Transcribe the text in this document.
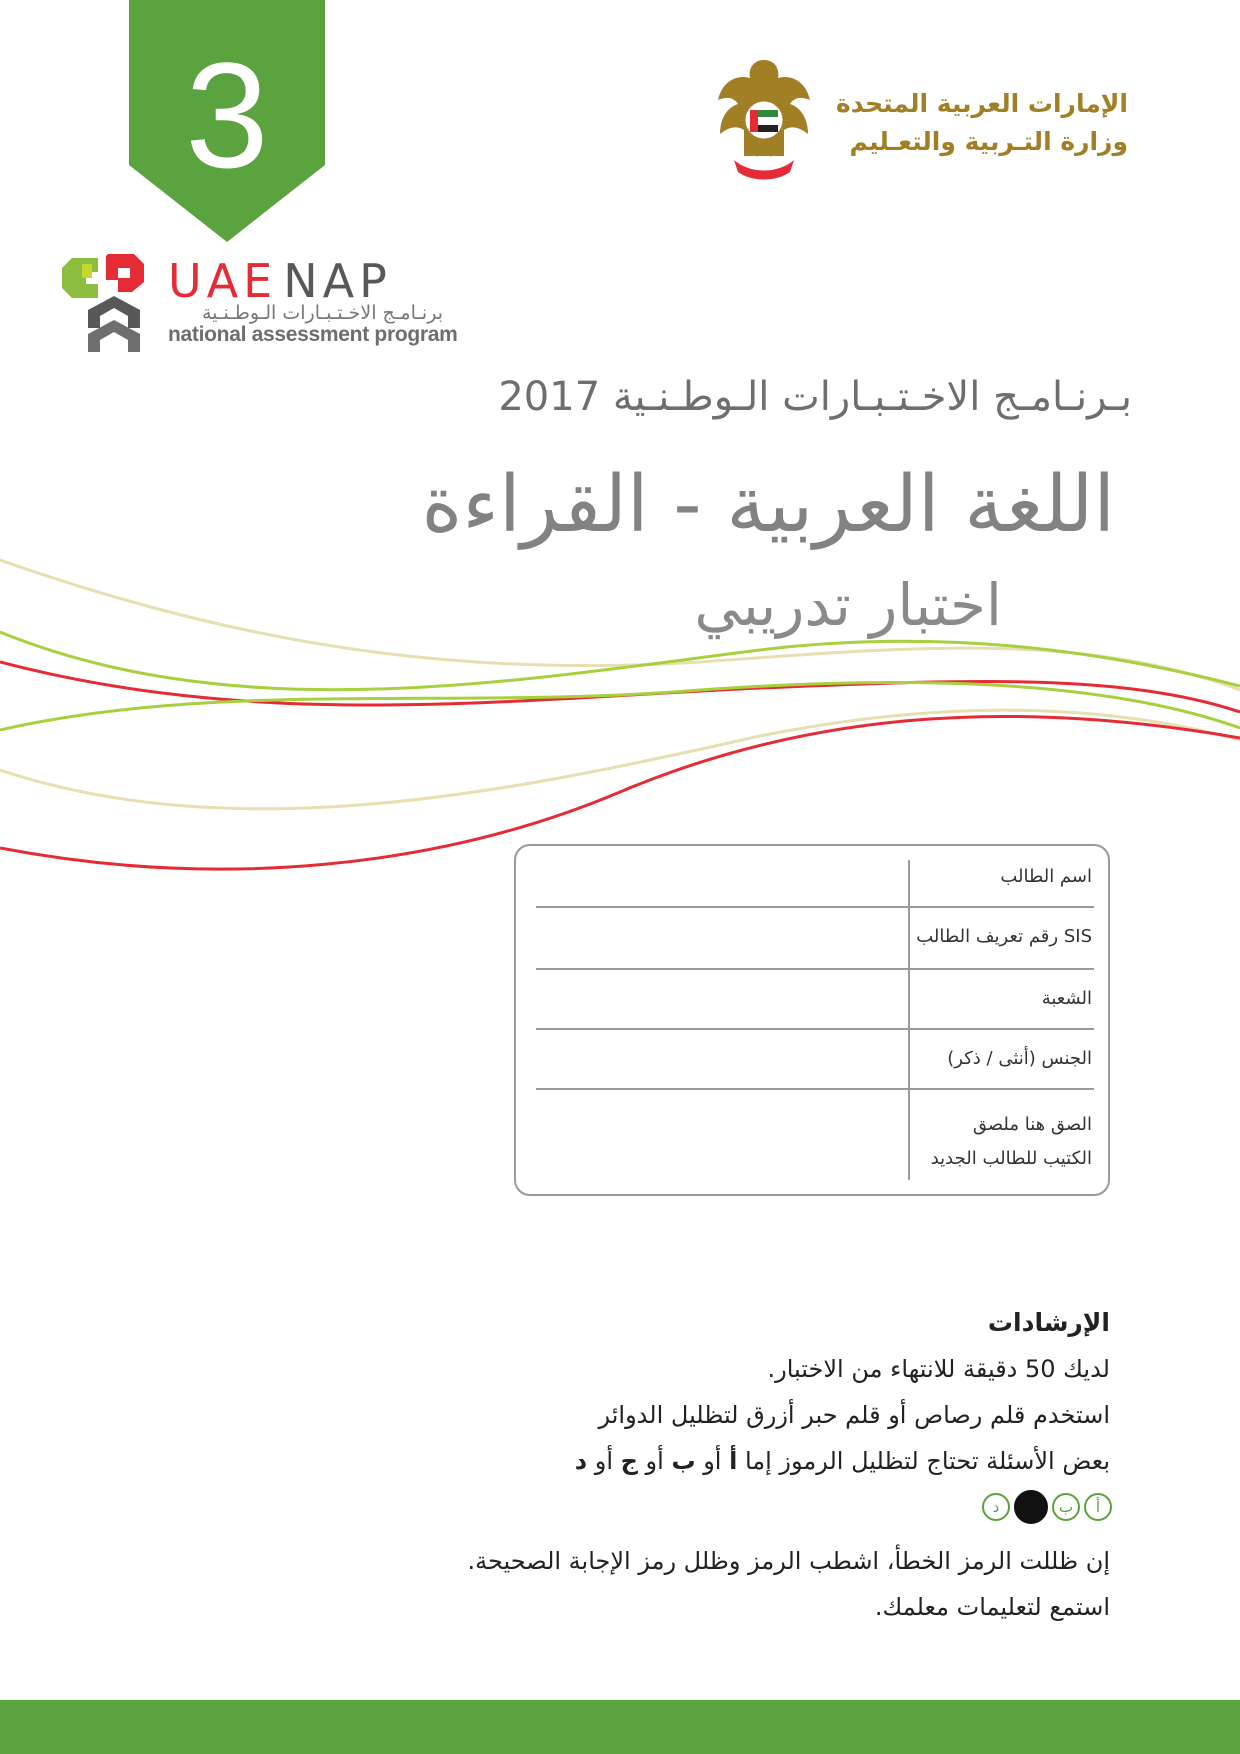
3	الإمارات العربية المتحدة
وزارة التـربية والتعـليم
UAE NAP
برنـامـج الاخـتـبـارات الـوطـنـية
national assessment program
بـرنـامـج الاخـتـبـارات الـوطـنـية 2017
اللغة العربية - القراءة
اختبار تدريبي
اسم الطالب
SIS رقم تعريف الطالب
الشعبة
الجنس (أنثى / ذكر)
الصق هنا ملصق
الكتيب للطالب الجديد
الإرشادات
لديك 50 دقيقة للانتهاء من الاختبار.
استخدم قلم رصاص أو قلم حبر أزرق لتظليل الدوائر
بعض الأسئلة تحتاج لتظليل الرموز إما أ أو ب أو ج أو د
د	ب أ
إن ظللت الرمز الخطأ، اشطب الرمز وظلل رمز الإجابة الصحيحة.
استمع لتعليمات معلمك.
